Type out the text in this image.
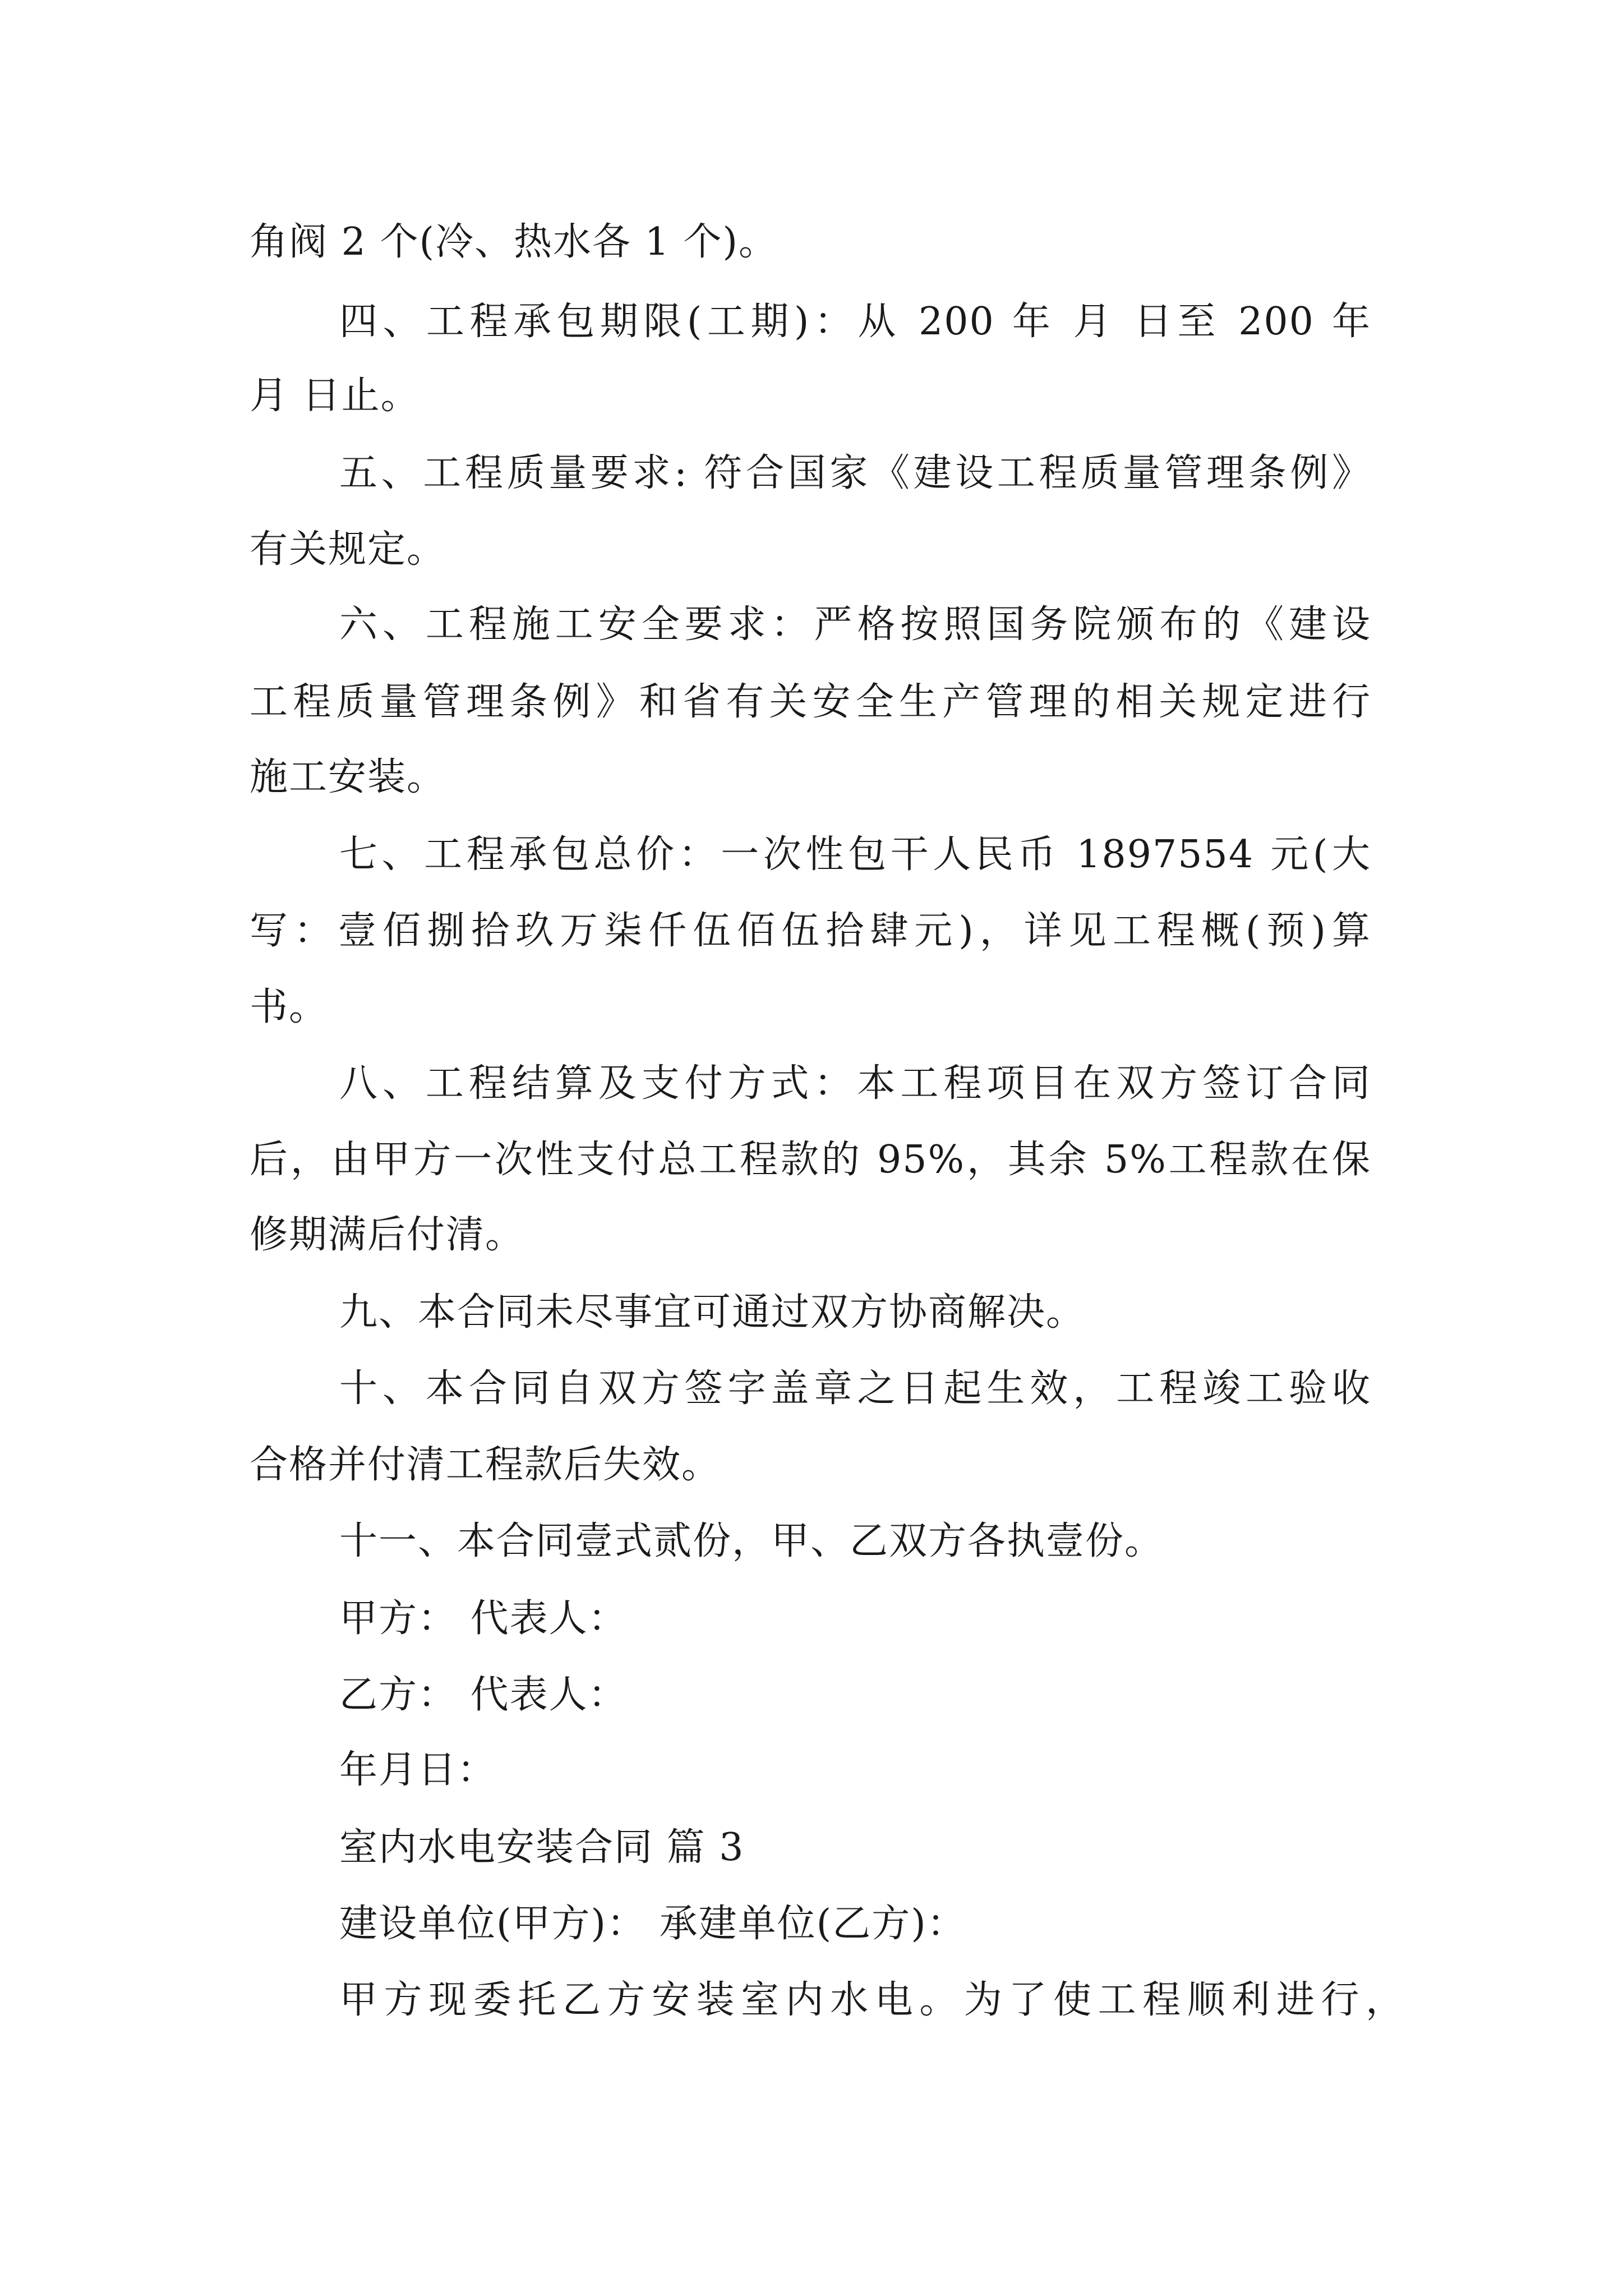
角阀 2 个(冷、热水各 1 个)。
四、工程承包期限(工期)：从 200 年 月 日至 200 年
月 日止。
五、工程质量要求: 符合国家《建设工程质量管理条例》
有关规定。
六、工程施工安全要求：严格按照国务院颁布的《建设
工程质量管理条例》和省有关安全生产管理的相关规定进行
施工安装。
七、工程承包总价：一次性包干人民币 1897554 元(大
写：壹佰捌拾玖万柒仟伍佰伍拾肆元)，详见工程概(预)算
书。
八、工程结算及支付方式：本工程项目在双方签订合同
后，由甲方一次性支付总工程款的 95%，其余 5%工程款在保
修期满后付清。
九、本合同未尽事宜可通过双方协商解决。
十、本合同自双方签字盖章之日起生效，工程竣工验收
合格并付清工程款后失效。
十一、本合同壹式贰份，甲、乙双方各执壹份。
甲方： 代表人：
乙方： 代表人：
年月日：
室内水电安装合同 篇 3
建设单位(甲方)： 承建单位(乙方)：
甲方现委托乙方安装室内水电。为了使工程顺利进行，
